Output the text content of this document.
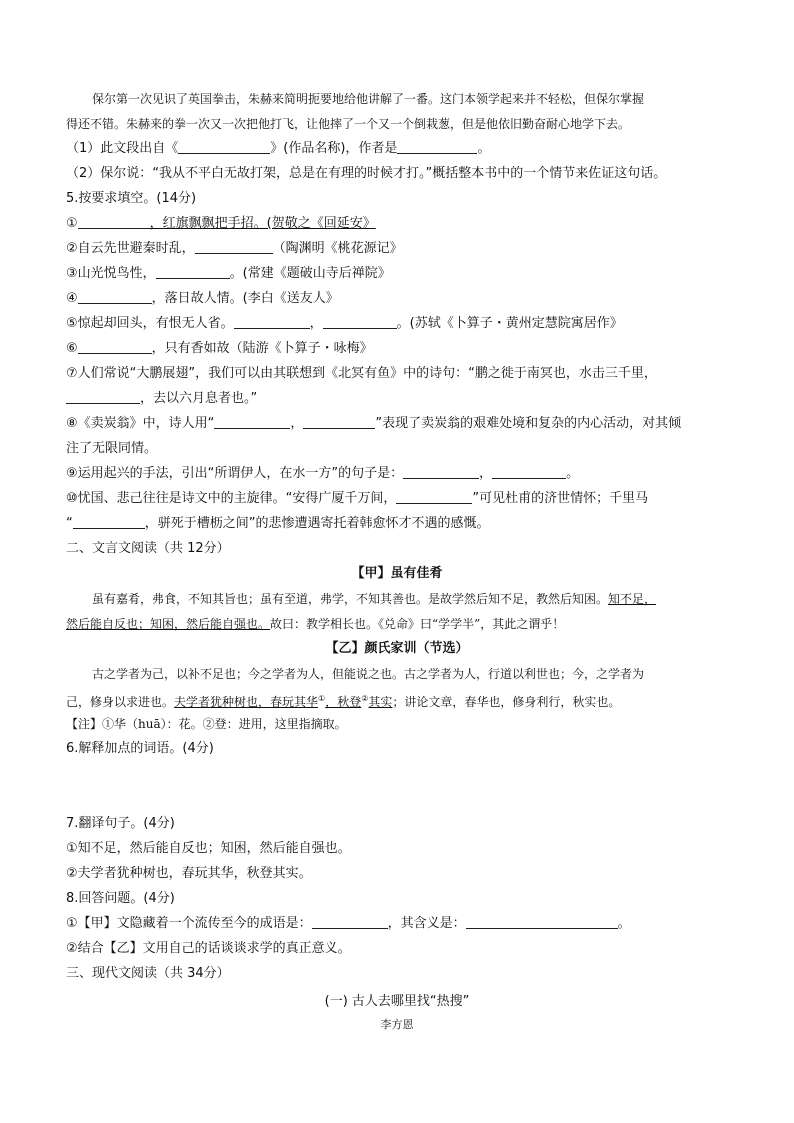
保尔第一次见识了英国拳击，朱赫来简明扼要地给他讲解了一番。这门本领学起来并不轻松，但保尔掌握
得还不错。朱赫来的拳一次又一次把他打飞，让他摔了一个又一个倒栽葱，但是他依旧勤奋耐心地学下去。
（1）此文段出自《	》(作品名称)，作者是	。
（2）保尔说：“我从不平白无故打架，总是在有理的时候才打。”概括整本书中的一个情节来佐证这句话。
5.按要求填空。(14分)
①	，红旗飘飘把手招。(贺敬之《回延安》
②自云先世避秦时乱，	（陶渊明《桃花源记》
③山光悦鸟性，	。(常建《题破山寺后禅院》
④	，落日故人情。(李白《送友人》
⑤惊起却回头，有恨无人省。	，	。(苏轼《卜算子・黄州定慧院寓居作》
⑥	，只有香如故（陆游《卜算子・咏梅》
⑦人们常说“大鹏展翅”，我们可以由其联想到《北冥有鱼》中的诗句：“鹏之徙于南冥也，水击三千里，
，去以六月息者也。”
⑧《卖炭翁》中，诗人用“	，	”表现了卖炭翁的艰难处境和复杂的内心活动，对其倾
注了无限同情。
⑨运用起兴的手法，引出“所谓伊人，在水一方”的句子是：	，	。
⑩忧国、悲己往往是诗文中的主旋律。“安得广厦千万间，	”可见杜甫的济世情怀；千里马
“	，骈死于槽枥之间”的悲惨遭遇寄托着韩愈怀才不遇的感慨。
二、文言文阅读（共 12分）
【甲】虽有佳肴
虽有嘉肴，弗食，不知其旨也；虽有至道，弗学，不知其善也。是故学然后知不足，教然后知困。知不足，
然后能自反也；知困，然后能自强也。故曰：教学相长也。《兑命》曰“学学半”，其此之谓乎！
【乙】颜氏家训（节选）
古之学者为己，以补不足也；今之学者为人，但能说之也。古之学者为人，行道以利世也；今，之学者为
己，修身以求进也。夫学者犹种树也，春玩其华①，秋登②其实；讲论文章，春华也，修身利行，秋实也。
【注】①华（huā）：花。②登：进用，这里指摘取。
6.解释加点的词语。(4分)
7.翻译句子。(4分)
①知不足，然后能自反也；知困，然后能自强也。
②夫学者犹种树也，春玩其华，秋登其实。
8.回答问题。(4分)
①【甲】文隐藏着一个流传至今的成语是：	，其含义是：	。
②结合【乙】文用自己的话谈谈求学的真正意义。
三、现代文阅读（共 34分）
(一) 古人去哪里找“热搜”
李方恩
